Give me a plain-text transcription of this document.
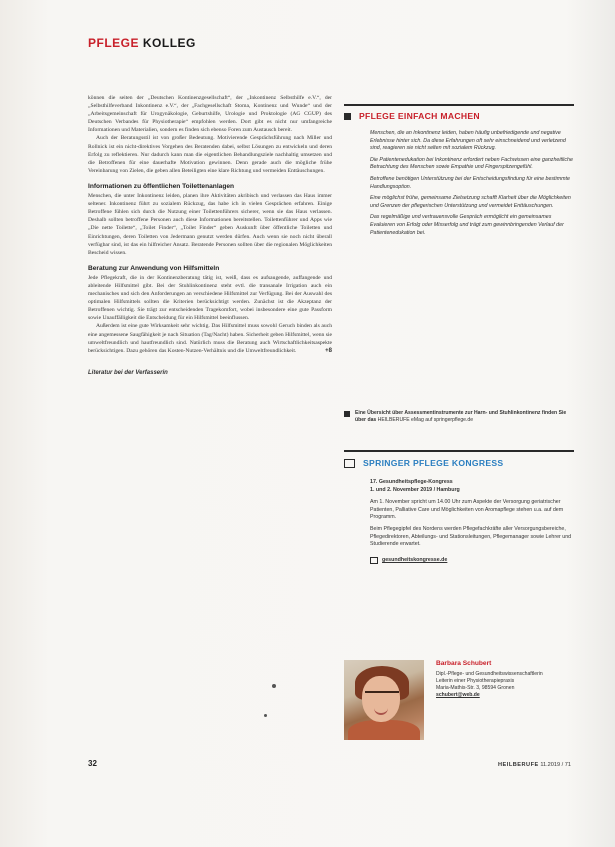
PFLEGE KOLLEG

können die seiten der „Deutschen Kontinenzgesellschaft“, der „Inkontinenz Selbsthilfe e.V.“, der „Selbsthilfeverband Inkontinenz e.V.“, der „Fachgesellschaft Stoma, Kontinenz und Wunde“ und der „Arbeitsgemeinschaft für Urogynäkologie, Geburtshilfe, Urologie und Proktologie (AG CGUP) des Deutschen Verbandes für Physiotherapie“ empfohlen werden. Dort gibt es nicht nur umfangreiche Informationen und Materialien, sondern es finden sich ebenso Foren zum Austausch bereit.

Auch der Beratungsstil ist von großer Bedeutung. Motivierende Gesprächsführung nach Miller und Rollnick ist ein nicht-direktives Vorgehen des Beratenden dabei, selbst Lösungen zu entwickeln und deren Erfolg zu reflektieren. Nur dadurch kann man die eigentlichen Behandlungsziele nachhaltig umsetzen und die Betroffenen für eine dauerhafte Motivation gewinnen. Denn gerade auch die mögliche frühe Vereinbarung von Zielen, die geben allen Beteiligten eine klare Richtung und vermeiden Enttäuschungen.

Informationen zu öffentlichen Toilettenanlagen

Menschen, die unter Inkontinenz leiden, planen ihre Aktivitäten akribisch und verlassen das Haus immer seltener. Inkontinenz führt zu sozialem Rückzug, das habe ich in vielen Gesprächen erfahren. Einige Betroffene fühlen sich durch die Nutzung einer Toilettenführers sicherer, wenn sie das Haus verlassen. Deshalb sollten betroffene Personen auch diese Informationen bereitstellen. Toilettenführer und Apps wie „Die nette Toilette“, „Toilet Finder“, „Toilet Finder“ geben Auskunft über öffentliche Toiletten und Einrichtungen, deren Toiletten von Jedermann genutzt werden dürfen. Auch wenn sie noch nicht überall verfügbar sind, ist das ein hilfreicher Ansatz. Beratende Personen sollten über die regionalen Möglichkeiten Bescheid wissen.

Beratung zur Anwendung von Hilfsmitteln

Jede Pflegekraft, die in der Kontinenzberatung tätig ist, weiß, dass es aufsaugende, auffangende und ableitende Hilfsmittel gibt. Bei der Stuhlinkontinenz steht evtl. die transanale Irrigation auch ein mechanisches und sich den Anforderungen an verschiedene Hilfsmittel zur Verfügung. Bei der Auswahl des optimalen Hilfsmittels sollten die Kriterien berücksichtigt werden. Zunächst ist die Akzeptanz der Betroffenen wichtig. Sie trägt zur entscheidenden Tragekomfort, wobei insbesondere eine gute Passform sowie Unauffälligkeit die Entscheidung für ein Hilfsmittel beeinflussen.

Außerdem ist eine gute Wirksamkeit sehr wichtig. Das Hilfsmittel muss sowohl Geruch binden als auch eine angemessene Saugfähigkeit je nach Situation (Tag/Nacht) haben. Sicherheit geben Hilfsmittel, wenn sie umweltfreundlich und hautfreundlich sind. Natürlich muss die Beratung auch Wirtschaftlichkeitsaspekte berücksichtigen. Dazu gehören das Kosten-Nutzen-Verhältnis und die Umweltfreundlichkeit.	+8

Literatur bei der Verfasserin
PFLEGE EINFACH MACHEN

Menschen, die an Inkontinenz leiden, haben häufig unbefriedigende und negative Erlebnisse hinter sich. Da diese Erfahrungen oft sehr einschneidend und verletzend sind, reagieren sie nicht selten mit sozialem Rückzug.

Die Patientenedukation bei Inkontinenz erfordert neben Fachwissen eine ganzheitliche Betrachtung des Menschen sowie Empathie und Fingerspitzengefühl.

Betroffene benötigen Unterstützung bei der Entscheidungsfindung für eine bestimmte Handlungsoption.

Eine möglichst frühe, gemeinsame Zielsetzung schafft Klarheit über die Möglichkeiten und Grenzen der pflegerischen Unterstützung und vermeidet Enttäuschungen.

Das regelmäßige und vertrauensvolle Gespräch ermöglicht ein gemeinsames Evaluieren von Erfolg oder Misserfolg und trägt zum gewinnbringenden Verlauf der Patientenedukation bei.

Eine Übersicht über Assessmentinstrumente zur Harn- und Stuhlinkontinenz finden Sie über das HEILBERUFE eMag auf springerpflege.de
SPRINGER PFLEGE KONGRESS
17. Gesundheitspflege-Kongress
1. und 2. November 2019 / Hamburg

Am 1. November spricht um 14.00 Uhr zum Aspekte der Versorgung geriatrischer Patienten, Palliative Care und Möglichkeiten von Aromapflege stehen u.a. auf dem Programm.

Beim Pflegegipfel des Nordens werden Pflegefachkräfte aller Versorgungsbereiche, Pflegedirektoren, Abteilungs- und Stationsleitungen, Pflegemanager sowie Lehrer und Studierende erwartet.

gesundheitskongresse.de
Barbara Schubert

Dipl.-Pflege- und Gesundheitswissenschaftlerin

Leiterin einer Physiotherapiepraxis

Maria-Mathis-Str. 3, 98594 Gronen

schubert@web.de

32	HEILBERUFE 11.2019 / 71
